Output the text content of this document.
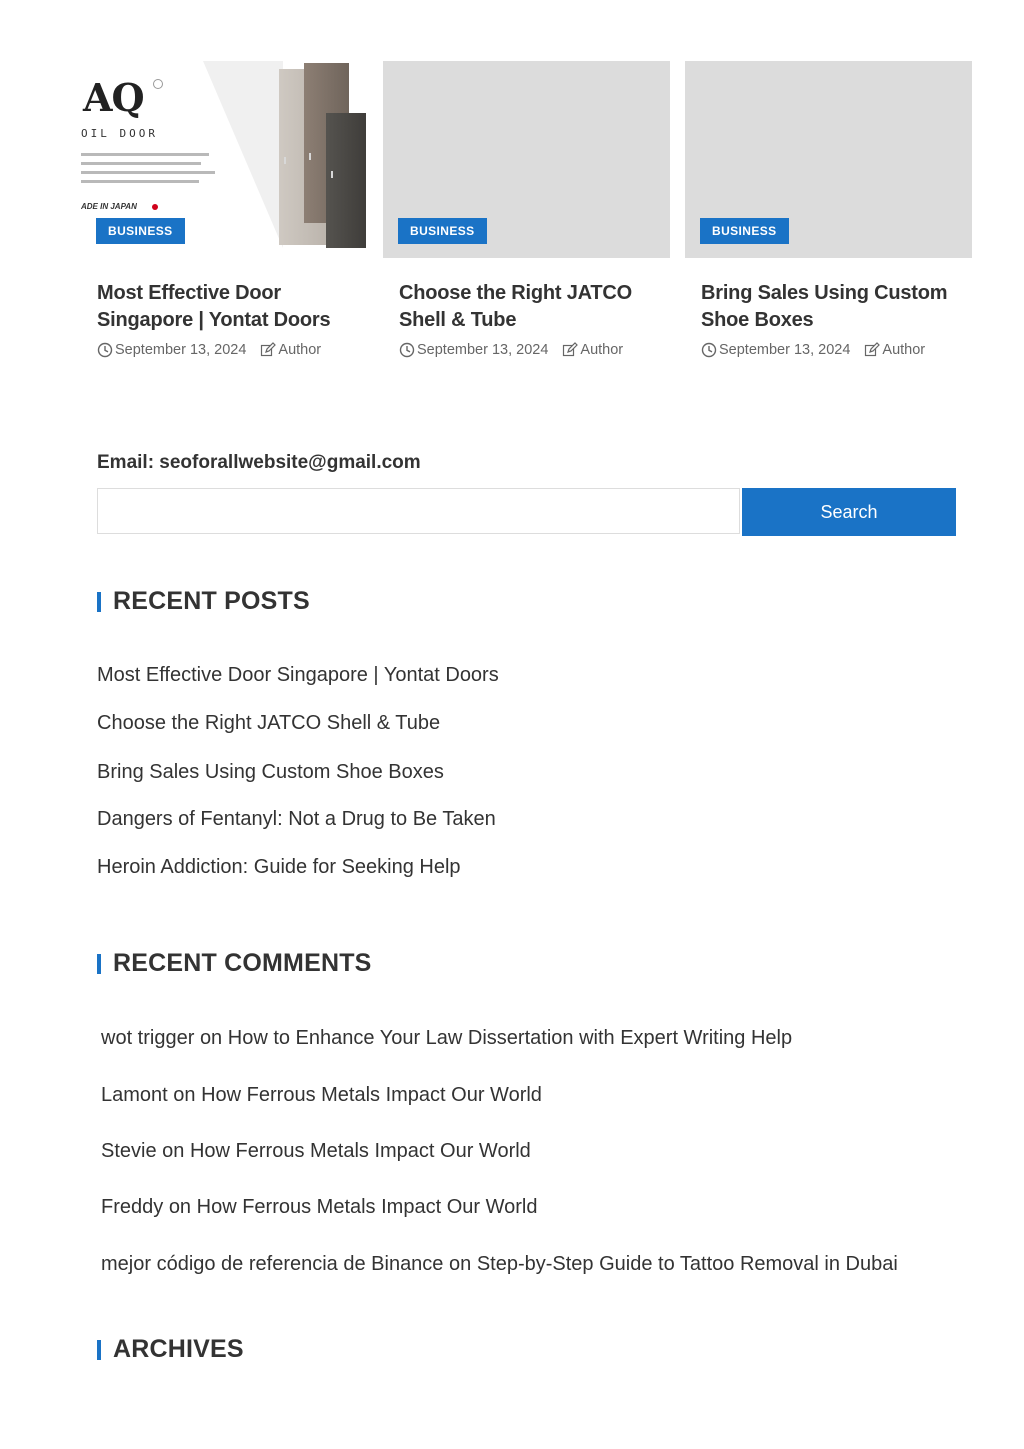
AQ
OIL DOOR
ADE IN JAPAN
BUSINESS
Most Effective Door Singapore | Yontat Doors
September 13, 2024 Author
BUSINESS
Choose the Right JATCO Shell & Tube
September 13, 2024 Author
BUSINESS
Bring Sales Using Custom Shoe Boxes
September 13, 2024 Author
Email: seoforallwebsite@gmail.com
Search
RECENT POSTS
Most Effective Door Singapore | Yontat Doors
Choose the Right JATCO Shell & Tube
Bring Sales Using Custom Shoe Boxes
Dangers of Fentanyl: Not a Drug to Be Taken
Heroin Addiction: Guide for Seeking Help
RECENT COMMENTS
wot trigger on How to Enhance Your Law Dissertation with Expert Writing Help
Lamont on How Ferrous Metals Impact Our World
Stevie on How Ferrous Metals Impact Our World
Freddy on How Ferrous Metals Impact Our World
mejor código de referencia de Binance on Step-by-Step Guide to Tattoo Removal in Dubai
ARCHIVES
